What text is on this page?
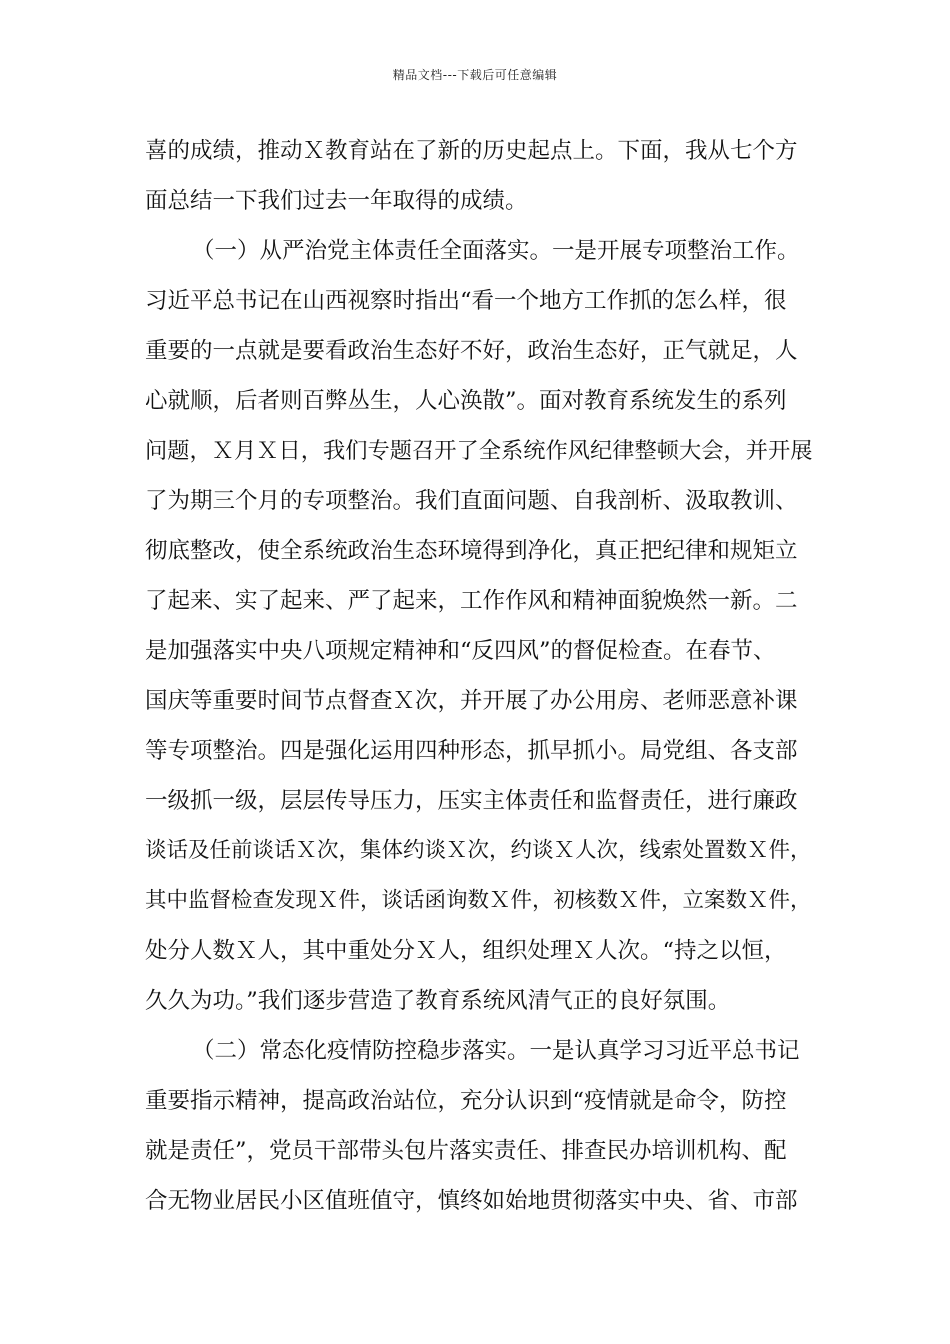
精品文档---下载后可任意编辑
喜的成绩，推动Ｘ教育站在了新的历史起点上。下面，我从七个方
面总结一下我们过去一年取得的成绩。
（一）从严治党主体责任全面落实。一是开展专项整治工作。
习近平总书记在山西视察时指出“看一个地方工作抓的怎么样，很
重要的一点就是要看政治生态好不好，政治生态好，正气就足，人
心就顺，后者则百弊丛生，人心涣散”。面对教育系统发生的系列
问题，Ｘ月Ｘ日，我们专题召开了全系统作风纪律整顿大会，并开展
了为期三个月的专项整治。我们直面问题、自我剖析、汲取教训、
彻底整改，使全系统政治生态环境得到净化，真正把纪律和规矩立
了起来、实了起来、严了起来，工作作风和精神面貌焕然一新。二
是加强落实中央八项规定精神和“反四风”的督促检查。在春节、
国庆等重要时间节点督查Ｘ次，并开展了办公用房、老师恶意补课
等专项整治。四是强化运用四种形态，抓早抓小。局党组、各支部
一级抓一级，层层传导压力，压实主体责任和监督责任，进行廉政
谈话及任前谈话Ｘ次，集体约谈Ｘ次，约谈Ｘ人次，线索处置数Ｘ件，
其中监督检查发现Ｘ件，谈话函询数Ｘ件，初核数Ｘ件，立案数Ｘ件，
处分人数Ｘ人，其中重处分Ｘ人，组织处理Ｘ人次。“持之以恒，
久久为功。”我们逐步营造了教育系统风清气正的良好氛围。
（二）常态化疫情防控稳步落实。一是认真学习习近平总书记
重要指示精神，提高政治站位，充分认识到“疫情就是命令，防控
就是责任”，党员干部带头包片落实责任、排查民办培训机构、配
合无物业居民小区值班值守，慎终如始地贯彻落实中央、省、市部
